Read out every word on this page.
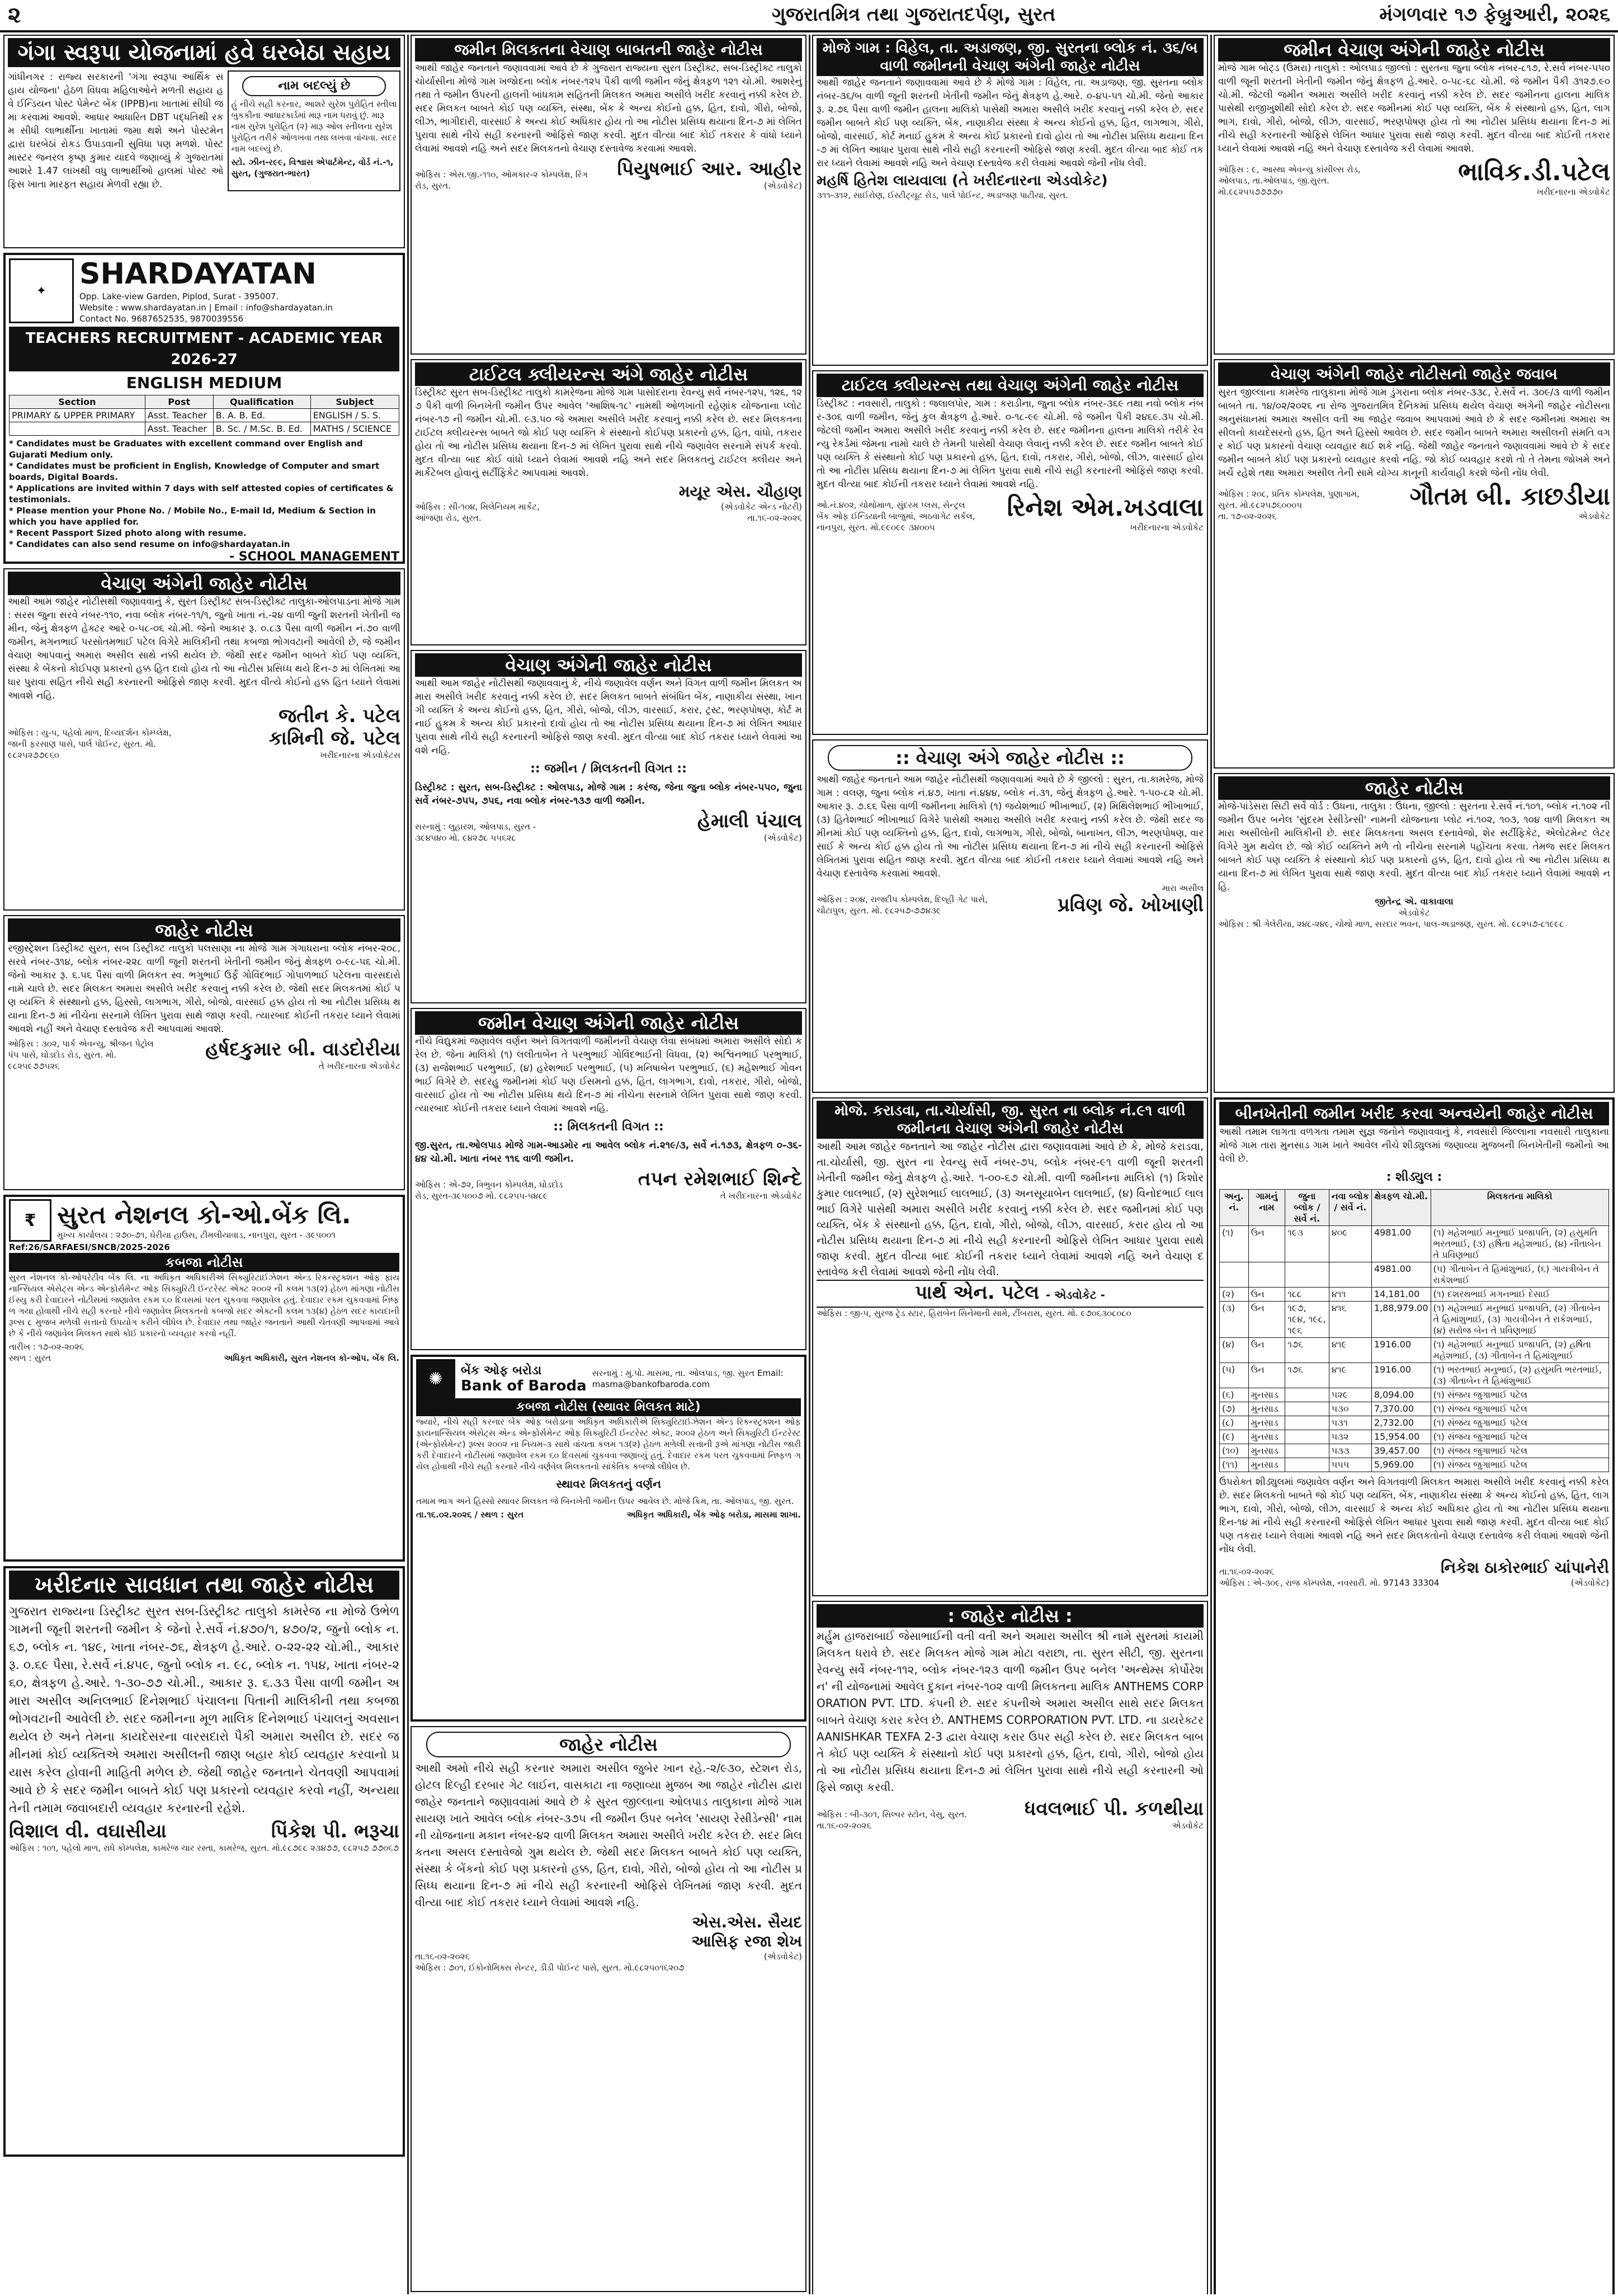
૨	ગુજરાતમિત્ર તથા ગુજરાતદર્પણ, સુરત	મંગળવાર ૧૭ ફેબ્રુઆરી, ૨૦૨૬
ગંગા સ્વરૂપા યોજનામાં હવે ઘરબેઠા સહાય
ગાંધીનગર : રાજ્ય સરકારની 'ગંગા સ્વરૂપા આર્થિક સહાય યોજના' હેઠળ વિધવા મહિલાઓને મળતી સહાય હવે ઈન્ડિયન પોસ્ટ પેમેન્ટ બેંક (IPPB)ના ખાતામાં સીધી જમા કરવામાં આવશે. આધાર આધારિત DBT પદ્ધતિથી રકમ સીધી લાભાર્થીના ખાતામાં જમા થશે અને પોસ્ટમેન દ્વારા ઘરબેઠાં રોકડ ઉપાડવાની સુવિધા પણ મળશે. પોસ્ટ માસ્ટર જનરલ કૃષ્ણ કુમાર યાદવે જણાવ્યું કે ગુજરાતમાં આશરે 1.47 લાખથી વધુ લાભાર્થીઓ હાલમાં પોસ્ટ ઓફિસ ખાતા મારફત સહાય મેળવી રહ્યા છે.
નામ બદલ્યું છે
હું નીચે સહી કરનાર, આશરે સુરેશ પુરોહિત સ્તીલા બુકકીના આધારકાર્ડમાં મારૂ નામ ધરાવું છું. મારૂ નામ સુરેશ પુરોહિત (૨) મારૂ ઓલ સ્તીલના સુરેશ પુરોહિત તરીકે ઓળખવા તથા લખવા વાંચવા. સદર નામ બદલ્યું છે.
સ્ટો. ઝીન-ર૯૯, વિશ્વાસ એપાર્ટમેન્ટ, વોર્ડ નં.-૧, સુરત, (ગુજરાત-ભારત)
✦	SHARDAYATAN
Opp. Lake-view Garden, Piplod, Surat - 395007.
Website : www.shardayatan.in | Email : info@shardayatan.in
Contact No. 9687652535, 9870039556
TEACHERS RECRUITMENT - ACADEMIC YEAR 2026-27
ENGLISH MEDIUM
Section	Post	Qualification	Subject
PRIMARY & UPPER PRIMARY	Asst. Teacher	B. A. B. Ed.	ENGLISH / S. S.
	Asst. Teacher	B. Sc. / M.Sc. B. Ed.	MATHS / SCIENCE
* Candidates must be Graduates with excellent command over English and Gujarati Medium only.
* Candidates must be proficient in English, Knowledge of Computer and smart boards, Digital Boards.
* Applications are invited within 7 days with self attested copies of certificates & testimonials.
* Please mention your Phone No. / Mobile No., E-mail Id, Medium & Section in which you have applied for.
* Recent Passport Sized photo along with resume.
* Candidates can also send resume on info@shardayatan.in
- SCHOOL MANAGEMENT
વેચાણ અંગેની જાહેર નોટીસ
આથી આમ જાહેર નોટીસથી જણાવવાનું કે, સુરત ડિસ્ટ્રીક્ટ સબ-ડિસ્ટ્રીક્ટ તાલુકા-ઓલપાડના મોજે ગામ : સરસ જુના સરવે નંબર-૧૧૦, નવા બ્લોક નંબર-૧૧/૧, જુનો ખાતા નં.-૨૪ વાળી જુની શરતની ખેતીની જમીન, જેનું ક્ષેત્રફળ હેક્ટર આરે ૦-૫૮-૦૬ ચો.મી. જેનો આકાર રૂ. ૦.૮૩ પૈસા વાળી જમીન નં.૭૦ વાળી જમીન, મગનભાઈ પરસોતમભાઈ પટેલ વિગેરે માલિકીની તથા કબજા ભોગવટાની આવેલી છે, જે જમીન વેચાણ આપવાનું અમારા અસીલ સાથે નક્કી થયેલ છે. જેથી સદર જમીન બાબતે કોઈ પણ વ્યક્તિ, સંસ્થા કે બેંકનો કોઈપણ પ્રકારનો હક્ક હિત દાવો હોય તો આ નોટીસ પ્રસિધ્ધ થયે દિન-૭ માં લેખિતમાં આધાર પુરાવા સહિત નીચે સહી કરનારની ઓફિસે જાણ કરવી. મુદત વીત્યે કોઈનો હક્ક હિત ધ્યાને લેવામાં આવશે નહિ.
ઓફિસ : યુ-૫, પહેલો માળ, દિવ્યદર્શન કોમ્પ્લેક્ષ, જાની ફરસાણ પાસે, પાર્લે પોઈન્ટ, સુરત. મો. ૯૮૨૫૨૭૭૯૬૦
જતીન કે. પટેલ
કામિની જે. પટેલ
ખરીદનારના એડવોકેટસ
જાહેર નોટીસ
રજીસ્ટ્રેશન ડિસ્ટ્રીક્ટ સુરત, સબ ડિસ્ટ્રીક્ટ તાલુકો પલસાણા ના મોજે ગામ ગંગાધરાના બ્લોક નંબર-૨૦૮, સરવે નંબર-૩૧૪, બ્લોક નંબર-૨૨૮ વાળી જૂની શરતની ખેતીની જમીન જેનું ક્ષેત્રફળ ૦-૯૮-૫૬ ચો.મી. જેનો આકાર રૂ. ૬.૫૬ પૈસા વાળી મિલકત સ્વ. ભગુભાઈ ઉર્ફે ગોવિંદભાઈ ગોપાળભાઈ પટેલના વારસદારો નામે ચાલે છે. સદર મિલકત અમારા અસીલે ખરીદ કરવાનું નક્કી કરેલ છે. જેથી સદર મિલકતમાં કોઈ પણ વ્યક્તિ કે સંસ્થાનો હક્ક, હિસ્સો, લાગભાગ, ગીરો, બોજો, વારસાઈ હક્ક હોય તો આ નોટીસ પ્રસિધ્ધ થયાના દિન-૭ માં નીચેના સરનામે લેખિત પુરાવા સાથે જાણ કરવી. ત્યારબાદ કોઈની તકરાર ધ્યાને લેવામાં આવશે નહીં અને વેચાણ દસ્તાવેજ કરી આપવામાં આવશે.
ઓફિસ : ૩૦૨, પાર્ક એવન્યુ, શ્રીજન પેટ્રોલ પંપ પાસે, ઘોડદોડ રોડ, સુરત. મો. ૯૮૨૫૯૭૭૫૨૬
હર્ષદકુમાર બી. વાડદોરીયા
તે ખરીદનારના એડવોકેટ
₹ સુરત નેશનલ કો-ઓ.બેંક લિ.
મુખ્ય કાર્યાલય : ૨૭૦-૭૧, ઘેરીયા હાઉસ, ટીમલીયાવાડ, નાનપુરા, સુરત - ૩૯૫૦૦૧
Ref:26/SARFAESI/SNCB/2025-2026
કબજા નોટીસ
સુરત નેશનલ કો-ઓપરેટીવ બેંક લિ. ના અધિકૃત અધિકારીએ સિક્યુરિટાઈઝેશન એન્ડ રિકન્સ્ટ્રક્શન ઓફ ફાયનાન્સિયલ એસેટ્સ એન્ડ એન્ફોર્સમેન્ટ ઓફ સિક્યુરિટી ઈન્ટરેસ્ટ એક્ટ ૨૦૦૨ ની કલમ ૧૩(૨) હેઠળ માંગણા નોટીસ ઈસ્યુ કરી દેવાદારને નોટીસમાં જણાવેલ રકમ ૬૦ દિવસમાં પરત ચુકવવા જણાવેલ હતું. દેવાદાર રકમ ચુકવવામાં નિષ્ફળ ગયા હોવાથી નીચે સહી કરનારે નીચે જણાવેલ મિલકતનો કબજો સદર એક્ટની કલમ ૧૩(૪) હેઠળ સદર કાયદાની રૂલ્સ ૮ મુજબ મળેલી સત્તાનો ઉપયોગ કરીને લીધેલ છે. દેવાદાર તથા જાહેર જનતાને આથી ચેતવણી આપવામાં આવે છે કે નીચે જણાવેલ મિલકત સાથે કોઈ પ્રકારનો વ્યવહાર કરવો નહીં.
તારીખ : ૧૭-૦૨-૨૦૨૬
સ્થળ : સુરત	અધિકૃત અધિકારી, સુરત નેશનલ કો-ઓપ. બેંક લિ.
ખરીદનાર સાવધાન તથા જાહેર નોટીસ
ગુજરાત રાજ્યના ડિસ્ટ્રીક્ટ સુરત સબ-ડિસ્ટ્રીક્ટ તાલુકો કામરેજ ના મોજે ઉભેળ ગામની જૂની શરતની જમીન કે જેનો રે.સર્વે નં.૪૭૦/૧, ૪૭૦/૨, જુનો બ્લોક ન. ૬૭, બ્લોક ન. ૧૪૯, ખાતા નંબર-૭૬, ક્ષેત્રફળ હે.આરે. ૦-૨૨-૨૨ ચો.મી., આકાર રૂ. ૦.૬૯ પૈસા, રે.સર્વે નં.૪૫૯, જુનો બ્લોક ન. ૯૮, બ્લોક ન. ૧૫૪, ખાતા નંબર-૨૬૦, ક્ષેત્રફળ હે.આરે. ૧-૩૦-૭૭ ચો.મી., આકાર રૂ. ૬.૩૩ પૈસા વાળી જમીન અમારા અસીલ અનિલભાઈ દિનેશભાઈ પંચાલના પિતાની માલિકીની તથા કબજા ભોગવટાની આવેલી છે. સદર જમીનના મૂળ માલિક દિનેશભાઈ પંચાલનું અવસાન થયેલ છે અને તેમના કાયદેસરના વારસદારો પૈકી અમારા અસીલ છે. સદર જમીનમાં કોઈ વ્યક્તિએ અમારા અસીલની જાણ બહાર કોઈ વ્યવહાર કરવાનો પ્રયાસ કરેલ હોવાની માહિતી મળેલ છે. જેથી જાહેર જનતાને ચેતવણી આપવામાં આવે છે કે સદર જમીન બાબતે કોઈ પણ પ્રકારનો વ્યવહાર કરવો નહીં, અન્યથા તેની તમામ જવાબદારી વ્યવહાર કરનારની રહેશે.
વિશાલ વી. વઘાસીયા	પિંકેશ પી. ભરૂચા
ઓફિસ : ૧૦૧, પહેલો માળ, રાધે કોમ્પલેક્ષ, કામરેજ ચાર રસ્તા, કામરેજ, સુરત. મો.૯૮૭૯૮ ૨૩૪૭૭, ૯૮૨૫૭ ૭૭૦૬૭
જમીન મિલકતના વેચાણ બાબતની જાહેર નોટીસ
આથી જાહેર જનતાને જણાવવામાં આવે છે કે ગુજરાત રાજ્યના સુરત ડિસ્ટ્રીક્ટ, સબ-ડિસ્ટ્રીક્ટ તાલુકો ચોર્યાસીના મોજે ગામ ખજોદના બ્લોક નંબર-૧૨૫ પૈકી વાળી જમીન જેનું ક્ષેત્રફળ ૧૨૧ ચો.મી. આશરેનું તથા તે જમીન ઉપરની હાલની બાંધકામ સહિતની મિલકત અમારા અસીલે ખરીદ કરવાનું નક્કી કરેલ છે. સદર મિલકત બાબતે કોઈ પણ વ્યક્તિ, સંસ્થા, બેંક કે અન્ય કોઈનો હક્ક, હિત, દાવો, ગીરો, બોજો, લીઝ, ભાગીદારી, વારસાઈ કે અન્ય કોઈ અધિકાર હોય તો આ નોટીસ પ્રસિધ્ધ થયાના દિન-૭ માં લેખિત પુરાવા સાથે નીચે સહી કરનારની ઓફિસે જાણ કરવી. મુદત વીત્યા બાદ કોઈ તકરાર કે વાંધો ધ્યાને લેવામાં આવશે નહિ અને સદર મિલકતનો વેચાણ દસ્તાવેજ કરવામાં આવશે.
ઓફિસ : એસ.જી.-૧૧૦, ઓમકાર-૨ કોમ્પલેક્ષ, રિંગ રોડ, સુરત.
પિયુષભાઈ આર. આહીર
(એડવોકેટ)
ટાઈટલ ક્લીયરન્સ અંગે જાહેર નોટીસ
ડિસ્ટ્રીક્ટ સુરત સબ-ડિસ્ટ્રીક્ટ તાલુકો કામરેજના મોજે ગામ પાસોદરાના રેવન્યુ સર્વે નંબર-૧૨૫, ૧૨૬, ૧૨૭ પૈકી વાળી બિનખેતી જમીન ઉપર આવેલ 'આશિષ-૧૮' નામથી ઓળખાતી રહેણાંક યોજનાના પ્લોટ નંબર-૧૭ ની જમીન ચો.મી. ૯૩.૫૦ જે અમારા અસીલે ખરીદ કરવાનું નક્કી કરેલ છે. સદર મિલકતના ટાઈટલ ક્લીયરન્સ બાબતે જો કોઈ પણ વ્યક્તિ કે સંસ્થાનો કોઈપણ પ્રકારનો હક્ક, હિત, વાંધો, તકરાર હોય તો આ નોટીસ પ્રસિધ્ધ થયાના દિન-૭ માં લેખિત પુરાવા સાથે નીચે જણાવેલ સરનામે સંપર્ક કરવો. મુદત વીત્યા બાદ કોઈ વાંધો ધ્યાને લેવામાં આવશે નહિ અને સદર મિલકતનું ટાઈટલ ક્લીયર અને માર્કેટેબલ હોવાનું સર્ટીફિકેટ આપવામાં આવશે.
ઓફિસ : સી-૧૦૪, મિલેનિયમ માર્કેટ, આંજણા રોડ, સુરત.
મયૂર એસ. ચૌહાણ
(એડવોકેટ એન્ડ નોટરી)
તા.૧૬-૦૨-૨૦૨૬
વેચાણ અંગેની જાહેર નોટીસ
આથી આમ જાહેર નોટીસથી જણાવવાનું કે, નીચે જણાવેલ વર્ણન અને વિગત વાળી જમીન મિલકત અમારા અસીલે ખરીદ કરવાનું નક્કી કરેલ છે. સદર મિલકત બાબતે સંબંધિત બેંક, નાણાકીય સંસ્થા, ખાનગી વ્યક્તિ કે અન્ય કોઈનો હક્ક, હિત, ગીરો, બોજો, લીઝ, વારસાઈ, કરાર, ટ્રસ્ટ, ભરણપોષણ, કોર્ટ મનાઈ હુકમ કે અન્ય કોઈ પ્રકારનો દાવો હોય તો આ નોટીસ પ્રસિધ્ધ થયાના દિન-૭ માં લેખિત આધાર પુરાવા સાથે નીચે સહી કરનારની ઓફિસે જાણ કરવી. મુદત વીત્યા બાદ કોઈ તકરાર ધ્યાને લેવામાં આવશે નહિ.
:: જમીન / મિલકતની વિગત ::
ડિસ્ટ્રીક્ટ : સુરત, સબ-ડિસ્ટ્રીક્ટ : ઓલપાડ, મોજે ગામ : કરંજ, જેના જુના બ્લોક નંબર-૫૫૦, જુના સર્વે નંબર-૭૫૫, ૭૫૬, નવા બ્લોક નંબર-૧૩૭ વાળી જમીન.
સરનામું : લુહારશ, ઓલપાડ, સુરત - ૩૯૪૫૪૦ મો. ૯૪૨૭૮ ૫૫૬૨૮
હેમાલી પંચાલ
(એડવોકેટ)
જમીન વેચાણ અંગેની જાહેર નોટીસ
નીચે વિદ્યુકમાં જણાવેલ વર્ણન અને વિગતવાળી જમીનની વેચાણ લેવા સંબંધમાં અમારા અસીલે સોદો કરેલ છે. જેના માલિકો (૧) લલીતાબેન તે પરભુભાઈ ગોવિંદભાઈની વિધવા, (૨) અશ્વિનભાઈ પરભુભાઈ, (૩) રાજેશભાઈ પરભુભાઈ, (૪) હરેશભાઈ પરભુભાઈ, (૫) મનિષાબેન પરભુભાઈ, (૬) મહેશભાઈ ગોવનભાઈ વિગેરે છે. સદરહુ જમીનમાં કોઈ પણ ઈસમનો હક્ક, હિત, લાગભાગ, દાવો, તકરાર, ગીરો, બોજો, વારસાઈ હોય તો આ નોટીસ પ્રસિધ્ધ થયે દિન-૭ માં નીચેના સરનામે લેખિત પુરાવા સાથે જાણ કરવી. ત્યારબાદ કોઈની તકરાર ધ્યાને લેવામાં આવશે નહિ.
:: મિલકતની વિગત ::
જી.સુરત, તા.ઓલપાડ મોજે ગામ-આડમોર ના આવેલ બ્લોક નં.૨૧૯/૩, સર્વે નં.૧૭૩, ક્ષેત્રફળ ૦-૩૬-૪૪ ચો.મી. ખાતા નંબર ૧૧૬ વાળી જમીન.
ઓફિસ : એ-૭૨, ત્રિભુવન કોમ્પલેક્ષ, ઘોડદોડ રોડ, સુરત-૩૯૫૦૦૭ મો. ૯૮૨૫૫-૫૪૮૯
તપન રમેશભાઈ શિન્દે
તે ખરીદનારના એડવોકેટ
✺	બેંક ઓફ બરોડા
Bank of Baroda
સરનામું : મુ.પો. માસમા, તા. ઓલપાડ, જી. સુરત Email: masma@bankofbaroda.com
કબજા નોટીસ (સ્થાવર મિલકત માટે)
જ્યારે, નીચે સહી કરનાર બેંક ઓફ બરોડાના અધિકૃત અધિકારીએ સિક્યુરિટાઈઝેશન એન્ડ રિકન્સ્ટ્રક્શન ઓફ ફાયનાન્સિયલ એસેટ્સ એન્ડ એન્ફોર્સમેન્ટ ઓફ સિક્યુરિટી ઈન્ટરેસ્ટ એક્ટ, ૨૦૦૨ હેઠળ અને સિક્યુરિટી ઈન્ટરેસ્ટ (એન્ફોર્સમેન્ટ) રૂલ્સ ૨૦૦૨ ના નિયમ-૩ સાથે વાંચતા કલમ ૧૩(૨) હેઠળ મળેલી સત્તાની રૂએ માંગણા નોટીસ જારી કરી દેવાદારને નોટીસમાં જણાવેલ રકમ ૬૦ દિવસમાં ચુકવવા જણાવ્યું હતું. દેવાદાર રકમ પરત ચુકવવામાં નિષ્ફળ ગયેલ હોવાથી નીચે સહી કરનારે નીચે વર્ણવેલ મિલકતનો સાંકેતિક કબજો લીધેલ છે.
સ્થાવર મિલકતનું વર્ણન
તમામ ભાગ અને હિસ્સો સ્થાવર મિલકત જે બિનખેતી જમીન ઉપર આવેલ છે. મોજે કિમ, તા. ઓલપાડ, જી. સુરત.
તા.૧૬.૦૨.૨૦૨૬ / સ્થળ : સુરત	અધિકૃત અધિકારી, બેંક ઓફ બરોડા, માસમા શાખા.
જાહેર નોટીસ
આથી અમો નીચે સહી કરનાર અમારા અસીલ જુબેર ખાન રહે.-૨/૯૩૦, સ્ટેશન રોડ, હોટલ દિલ્હી દરબાર ગેટ લાઈન, વાસકાટા ના જણાવ્યા મુજબ આ જાહેર નોટીસ દ્વારા જાહેર જનતાને જણાવવામાં આવે છે કે સુરત જીલ્લાના ઓલપાડ તાલુકાના મોજે ગામ સાયણ ખાતે આવેલ બ્લોક નંબર-૩૭૫ ની જમીન ઉપર બનેલ 'સાયણ રેસીડેન્સી' નામની યોજનાના મકાન નંબર-૪૨ વાળી મિલકત અમારા અસીલે ખરીદ કરેલ છે. સદર મિલકતના અસલ દસ્તાવેજો ગુમ થયેલ છે. જેથી સદર મિલકત બાબતે કોઈ પણ વ્યક્તિ, સંસ્થા કે બેંકનો કોઈ પણ પ્રકારનો હક્ક, હિત, દાવો, ગીરો, બોજો હોય તો આ નોટીસ પ્રસિધ્ધ થયાના દિન-૭ માં નીચે સહી કરનારની ઓફિસે લેખિતમાં જાણ કરવી. મુદત વીત્યા બાદ કોઈ તકરાર ધ્યાને લેવામાં આવશે નહિ.
તા.૧૬-૦૨-૨૦૨૬
એસ.એસ. સૈયદ
આસિફ રજા શેખ
(એડવોકેટ)
ઓફિસ : ૭૦૧, ઈકોનોમિક્સ સેન્ટર, ડીડી પોઈન્ટ પાસે, સુરત. મો.૯૮૨૫૦૧૬૨૦૭
મોજે ગામ : વિહેલ, તા. અડાજણ, જી. સુરતના બ્લોક નં. ૩૬/બ વાળી જમીનની વેચાણ અંગેની જાહેર નોટીસ
આથી જાહેર જનતાને જણાવવામાં આવે છે કે મોજે ગામ : વિહેલ, તા. અડાજણ, જી. સુરતના બ્લોક નંબર-૩૬/બ વાળી જૂની શરતની ખેતીની જમીન જેનું ક્ષેત્રફળ હે.આરે. ૦-૪૫-૫૧ ચો.મી. જેનો આકાર રૂ. ૨.૭૬ પૈસા વાળી જમીન હાલના માલિકો પાસેથી અમારા અસીલે ખરીદ કરવાનું નક્કી કરેલ છે. સદર જમીન બાબતે કોઈ પણ વ્યક્તિ, બેંક, નાણાકીય સંસ્થા કે અન્ય કોઈનો હક્ક, હિત, લાગભાગ, ગીરો, બોજો, વારસાઈ, કોર્ટ મનાઈ હુકમ કે અન્ય કોઈ પ્રકારનો દાવો હોય તો આ નોટીસ પ્રસિધ્ધ થયાના દિન-૭ માં લેખિત આધાર પુરાવા સાથે નીચે સહી કરનારની ઓફિસે જાણ કરવી. મુદત વીત્યા બાદ કોઈ તકરાર ધ્યાને લેવામાં આવશે નહિ અને વેચાણ દસ્તાવેજ કરી લેવામાં આવશે જેની નોંધ લેવી.
મહર્ષિ હિતેશ લાયવાલા (તે ખરીદનારના એડવોકેટ)
૩૧૧-૩૧૨, સાઈરોણ, ઈસ્ટીટ્યૂટ રોડ, પાર્લે પોઈન્ટ, અડાજણ પાટીયા, સુરત.
ટાઈટલ ક્લીયરન્સ તથા વેચાણ અંગેની જાહેર નોટીસ
ડિસ્ટ્રીક્ટ : નવસારી, તાલુકો : જલાલપોર, ગામ : કરાડીના, જુના બ્લોક નંબર-૩૬૯ તથા નવો બ્લોક નંબર-૩૦૬ વાળી જમીન, જેનું કુલ ક્ષેત્રફળ હે.આરે. ૦-૧૮-૯૯ ચો.મી. જે જમીન પૈકી ૨૪૬૯.૩૫ ચો.મી. જેટલી જમીન અમારા અસીલે ખરીદ કરવાનું નક્કી કરેલ છે. સદર જમીનના હાલના માલિકો તરીકે રેવન્યુ રેકર્ડમાં જેમના નામો ચાલે છે તેમની પાસેથી વેચાણ લેવાનું નક્કી કરેલ છે. સદર જમીન બાબતે કોઈ પણ વ્યક્તિ કે સંસ્થાનો કોઈ પણ પ્રકારનો હક્ક, હિત, દાવો, તકરાર, ગીરો, બોજો, લીઝ, વારસાઈ હોય તો આ નોટીસ પ્રસિધ્ધ થયાના દિન-૭ માં લેખિત પુરાવા સાથે નીચે સહી કરનારની ઓફિસે જાણ કરવી. મુદત વીત્યા બાદ કોઈની તકરાર ધ્યાને લેવામાં આવશે નહિ.
ઓ.નં.૪૦૨, ચોથોમાળ, સુંદરમ પ્લસ, સેન્ટ્રલ બેંક ઓફ ઈન્ડિયાની બાજુમાં, અઠવાગેટ સર્કલ, નાનપુરા, સુરત. મો.૯૯૦૯૯ ૩૪૦૦૫
રિનેશ એમ.ખડવાલા
ખરીદનારના એડવોકેટ
:: વેચાણ અંગે જાહેર નોટીસ ::
આથી જાહેર જનતાને આમ જાહેર નોટીસથી જણાવવામાં આવે છે કે જીલ્લો : સુરત, તા.કામરેજ, મોજે ગામ : વલણ, જુના બ્લોક નં.૪૭, ખાતા નં.૪૪૪, બ્લોક નં.૩૧, જેનું ક્ષેત્રફળ હે.આરે. ૧-૫૦-૮૨ ચો.મી. આકાર રૂ. ૭.૬૬ પૈસા વાળી જમીનના માલિકો (૧) જયેશભાઈ ભીખાભાઈ, (૨) મિથિલેશભાઈ ભીખાભાઈ, (૩) હિતેશભાઈ ભીખાભાઈ વિગેરે પાસેથી અમારા અસીલે ખરીદ કરવાનું નક્કી કરેલ છે. જેથી સદર જમીનમાં કોઈ પણ વ્યક્તિનો હક્ક, હિત, દાવો, લાગભાગ, ગીરો, બોજો, બાનાખત, લીઝ, ભરણપોષણ, વારસાઈ કે અન્ય કોઈ હક્ક હોય તો આ નોટીસ પ્રસિધ્ધ થયાના દિન-૭ માં નીચે સહી કરનારની ઓફિસે લેખિતમાં પુરાવા સહિત જાણ કરવી. મુદત વીત્યા બાદ કોઈની તકરાર ધ્યાને લેવામાં આવશે નહિ અને વેચાણ દસ્તાવેજ કરવામાં આવશે.
ઓફિસ : ૨૦૪, રાજદીપ કોમ્પલેક્ષ, દિલ્હી ગેટ પાસે, ચૌટાપુલ, સુરત. મો. ૯૮૨૫૭-૭૭૪૩૯
મારા અસીલ
પ્રવિણ જે. ખોખાણી
મોજે. કરાડવા, તા.ચોર્યાસી, જી. સુરત ના બ્લોક નં.૯૧ વાળી જમીનના વેચાણ અંગેની જાહેર નોટીસ
આથી આમ જાહેર જનતાને આ જાહેર નોટીસ દ્વારા જણાવવામાં આવે છે કે, મોજે કરાડવા, તા.ચોર્યાસી, જી. સુરત ના રેવન્યુ સર્વે નંબર-૭૫, બ્લોક નંબર-૯૧ વાળી જૂની શરતની ખેતીની જમીન જેનું ક્ષેત્રફળ હે.આરે. ૧-૦૦-૬૭ ચો.મી. વાળી જમીનના માલિકો (૧) કિશોરકુમાર લાલભાઈ, (૨) સુરેશભાઈ લાલભાઈ, (૩) અનસૂયાબેન લાલભાઈ, (૪) વિનોદભાઈ લાલભાઈ વિગેરે પાસેથી અમારા અસીલે ખરીદ કરવાનું નક્કી કરેલ છે. સદર જમીનમાં કોઈ પણ વ્યક્તિ, બેંક કે સંસ્થાનો હક્ક, હિત, દાવો, ગીરો, બોજો, લીઝ, વારસાઈ, કરાર હોય તો આ નોટીસ પ્રસિધ્ધ થયાના દિન-૭ માં નીચે સહી કરનારની ઓફિસે લેખિત આધાર પુરાવા સાથે જાણ કરવી. મુદત વીત્યા બાદ કોઈની તકરાર ધ્યાને લેવામાં આવશે નહિ અને વેચાણ દસ્તાવેજ કરી લેવામાં આવશે જેની નોંધ લેવી.
પાર્થ એન. પટેલ - એડવોકેટ -
ઓફિસ : જી-૫, સુરજ ટ્રેડ સ્ટાર, હિરાબેન સિનેમાની સામે, ટીંબરાસ, સુરત. મો. ૯૭૦૬૩૦૮૦૮૦
: જાહેર નોટીસ :
મર્હુમ હાજરાબાઈ જેસાભાઈની વતી વતી અને અમારા અસીલ શ્રી નામે સુરતમાં કાયમી મિલકત ધરાવે છે. સદર મિલકત મોજે ગામ મોટા વરાછા, તા. સુરત સીટી, જી. સુરતના રેવન્યુ સર્વે નંબર-૧૧૨, બ્લોક નંબર-૧૨૩ વાળી જમીન ઉપર બનેલ 'અન્થેમ્સ કોર્પોરેશન' ની યોજનામાં આવેલ દુકાન નંબર-૧૦૨ વાળી મિલકતના માલિક ANTHEMS CORPORATION PVT. LTD. કંપની છે. સદર કંપનીએ અમારા અસીલ સાથે સદર મિલકત બાબતે વેચાણ કરાર કરેલ છે. ANTHEMS CORPORATION PVT. LTD. ના ડાયરેક્ટર AANISHKAR TEXFA 2-3 દ્વારા વેચાણ કરાર ઉપર સહી કરેલ છે. સદર મિલકત બાબતે કોઈ પણ વ્યક્તિ કે સંસ્થાનો કોઈ પણ પ્રકારનો હક્ક, હિત, દાવો, ગીરો, બોજો હોય તો આ નોટીસ પ્રસિધ્ધ થયાના દિન-૭ માં લેખિત પુરાવા સાથે નીચે સહી કરનારની ઓફિસે જાણ કરવી.
ઓફિસ : બી-૩૦૧, સિલ્વર સ્ટોન, વેસુ, સુરત.
તા.૧૬-૦૨-૨૦૨૬
ધવલભાઈ પી. કળથીયા
એડવોકેટ
જમીન વેચાણ અંગેની જાહેર નોટીસ
મોજે ગામ બોટ્ડ (ઉમરા) તાલુકો : ઓલપાડ જીલ્લો : સુરતના જુના બ્લોક નંબર-૮૧૭, રે.સર્વે નંબર-૫૫૦ વાળી જૂની શરતની ખેતીની જમીન જેનું ક્ષેત્રફળ હે.આરે. ૦-૫૮-૬૮ ચો.મી. જે જમીન પૈકી ૩૧૨૭.૯૦ ચો.મી. જેટલી જમીન અમારા અસીલે ખરીદ કરવાનું નક્કી કરેલ છે. સદર જમીનના હાલના માલિક પાસેથી રાજીખુશીથી સોદો કરેલ છે. સદર જમીનમાં કોઈ પણ વ્યક્તિ, બેંક કે સંસ્થાનો હક્ક, હિત, લાગભાગ, દાવો, ગીરો, બોજો, લીઝ, વારસાઈ, ભરણપોષણ હોય તો આ નોટીસ પ્રસિધ્ધ થયાના દિન-૭ માં નીચે સહી કરનારની ઓફિસે લેખિત આધાર પુરાવા સાથે જાણ કરવી. મુદત વીત્યા બાદ કોઈની તકરાર ધ્યાને લેવામાં આવશે નહિ અને વેચાણ દસ્તાવેજ કરી લેવામાં આવશે.
ઓફિસ : ૯, આસ્થા એવન્યુ કાંસીલ્સ રોડ, ઓલપાડ, તા.ઓલપાડ, જી.સુરત. મો.૯૮૨૫૫૭૭૭૭૦
ભાવિક.ડી.પટેલ
ખરીદનારના એડવોકેટ
વેચાણ અંગેની જાહેર નોટીસનો જાહેર જવાબ
સુરત જીલ્લાના કામરેજ તાલુકાના મોજે ગામ ડુંગરાના બ્લોક નંબર-૩૩૮, રે.સર્વે નં. ૩૦૯/૩ વાળી જમીન બાબતે તા. ૧૪/૦૨/૨૦૨૬ ના રોજ ગુજરાતમિત્ર દૈનિકમાં પ્રસિધ્ધ થયેલ વેચાણ અંગેની જાહેર નોટીસના અનુસંધાનમાં અમારા અસીલ વતી આ જાહેર જવાબ આપવામાં આવે છે કે સદર જમીનમાં અમારા અસીલનો કાયદેસરનો હક્ક, હિત અને હિસ્સો આવેલ છે. સદર જમીન બાબતે અમારા અસીલની સંમતિ વગર કોઈ પણ પ્રકારનો વેચાણ વ્યવહાર થઈ શકે નહિ. જેથી જાહેર જનતાને જણાવવામાં આવે છે કે સદર જમીન બાબતે કોઈ પણ પ્રકારનો વ્યવહાર કરવો નહિ. જો કોઈ વ્યવહાર કરશે તો તે તેમના જોખમે અને ખર્ચે રહેશે તથા અમારા અસીલ તેની સામે યોગ્ય કાનૂની કાર્યવાહી કરશે જેની નોંધ લેવી.
ઓફિસ : ૨૦૮, પ્રતિક કોમ્પલેક્ષ, પુણાગામ, સુરત. મો.૯૮૨૫૭૬૦૦૦૫
તા. ૧૭-૦૨-૨૦૨૬
ગૌતમ બી. કાછડીયા
એડવોકેટ
જાહેર નોટીસ
મોજે-પાંડેસરા સિટી સર્વે વોર્ડ : ઉધના, તાલુકા : ઉધના, જીલ્લો : સુરતના રે.સર્વે નં.૧૦૧, બ્લોક નં.૧૦૨ ની જમીન ઉપર બનેલ 'સુંદરમ રેસીડેન્સી' નામની યોજનાના પ્લોટ નં.૧૦૨, ૧૦૩, ૧૦૪ વાળી મિલકત અમારા અસીલોની માલિકીની છે. સદર મિલકતના અસલ દસ્તાવેજો, શેર સર્ટીફિકેટ, એલોટમેન્ટ લેટર વિગેરે ગુમ થયેલ છે. જો કોઈ વ્યક્તિને મળે તો નીચેના સરનામે પહોંચતા કરવા. તેમજ સદર મિલકત બાબતે કોઈ પણ વ્યક્તિ કે સંસ્થાનો કોઈ પણ પ્રકારનો હક્ક, હિત, દાવો હોય તો આ નોટીસ પ્રસિધ્ધ થયાના દિન-૭ માં લેખિત પુરાવા સાથે જાણ કરવી. મુદત વીત્યા બાદ કોઈ તકરાર ધ્યાને લેવામાં આવશે નહિ.
જીતેન્દ્ર એ. વાકાવાલા
એડવોકેટ
ઓફિસ : શ્રી ગેલેરીયા, ૨૪૮-૨૪૯, ચોથો માળ, સરદાર ભવન, પાલ-અડાજણ, સુરત. મો. ૯૮૨૫૭-૮૧૯૯૮
બીનખેતીની જમીન ખરીદ કરવા અન્વયેની જાહેર નોટીસ
આથી તમામ લાગતા વળગતા તમામ સુજ્ઞ જનોને જણાવવાનું કે, નવસારી જિલ્લાના નવસારી તાલુકાના મોજે ગામ તારા મુનસાડ ગામ ખાતે આવેલ નીચે શીડ્યુલમાં જણાવ્યા મુજબની બિનખેતીની જમીનો આવેલી છે.
: શીડ્યુલ :
અનુ. નં.	ગામનું નામ	જુના બ્લોક / સર્વે નં.	નવા બ્લોક / સર્વે નં.	ક્ષેત્રફળ ચો.મી.	મિલકતના માલિકો
(૧)	ઉન	૧૯૩	૪૦૯	4981.00	(૧) મહેશભાઈ મનુભાઈ પ્રજાપતિ, (૨) હસુમતિ ભરતભાઈ, (૩) હર્ષિતા મહેશભાઈ, (૪) નીતાબેન તે પ્રવિણભાઈ
				4981.00	(૫) ગીતાબેન તે હિમાંશુભાઈ, (૬) ગાયત્રીબેન તે રાકેશભાઈ
(૨)	ઉન	૧૮૮	૪૧૧	14,181.00	(૧) દશરથભાઈ મગનભાઈ દેસાઈ
(૩)	ઉન	૧૯૭, ૧૯૪, ૧૯૮, ૧૯૬	૪૧૬	1,88,979.00	(૧) મહેશભાઈ મનુભાઈ પ્રજાપતિ, (૨) ગીતાબેન તે હિમાંશુભાઈ, (૩) ગાયત્રીબેન તે રાકેશભાઈ, (૪) સરોજ બેન તે પ્રવિણભાઈ
(૪)	ઉન	૧૭૬	૪૧૯	1916.00	(૧) મહેશભાઈ મનુભાઈ પ્રજાપતિ, (૨) હર્ષિતા મહેશભાઈ, (૩) ગીતાબેન તે હિમાંશુભાઈ
(૫)	ઉન	૧૭૬	૪૧૯	1916.00	(૧) ભરતભાઈ મનુભાઈ, (૨) હસુમતિ ભરતભાઈ, (૩) ગીતાબેન તે હિમાંશુભાઈ
(૬)	મુનસાડ		૫૨૯	8,094.00	(૧) સંજય જુગાભાઈ પટેલ
(૭)	મુનસાડ		૫૩૦	7,370.00	(૧) સંજય જુગાભાઈ પટેલ
(૮)	મુનસાડ		૫૩૧	2,732.00	(૧) સંજય જુગાભાઈ પટેલ
(૯)	મુનસાડ		૫૩૨	15,954.00	(૧) સંજય જુગાભાઈ પટેલ
(૧૦)	મુનસાડ		૫૩૩	39,457.00	(૧) સંજય જુગાભાઈ પટેલ
(૧૧)	મુનસાડ		૫૫૫	5,969.00	(૧) સંજય જુગાભાઈ પટેલ
ઉપરોક્ત શીડ્યુલમાં જણાવેલ વર્ણન અને વિગતવાળી મિલકત અમારા અસીલે ખરીદ કરવાનું નક્કી કરેલ છે. સદર મિલકતો બાબતે જો કોઈ પણ વ્યક્તિ, બેંક, નાણાકીય સંસ્થા કે અન્ય કોઈનો હક્ક, હિત, લાગભાગ, દાવો, ગીરો, બોજો, લીઝ, વારસાઈ કે અન્ય કોઈ અધિકાર હોય તો આ નોટીસ પ્રસિધ્ધ થયાના દિન-૧૪ માં નીચે સહી કરનારની ઓફિસે લેખિત આધાર પુરાવા સાથે જાણ કરવી. મુદત વીત્યા બાદ કોઈ પણ તકરાર ધ્યાને લેવામાં આવશે નહિ અને સદર મિલકતોનો વેચાણ દસ્તાવેજ કરી લેવામાં આવશે જેની નોંધ લેવી.
તા.૧૬-૦૨-૨૦૨૬
ઓફિસ : એ-૩૦૯, રાજ કોમ્પલેક્ષ, નવસારી. મો. 97143 33304
નિકેશ ઠાકોરભાઈ ચાંપાનેરી
(એડવોકેટ)
